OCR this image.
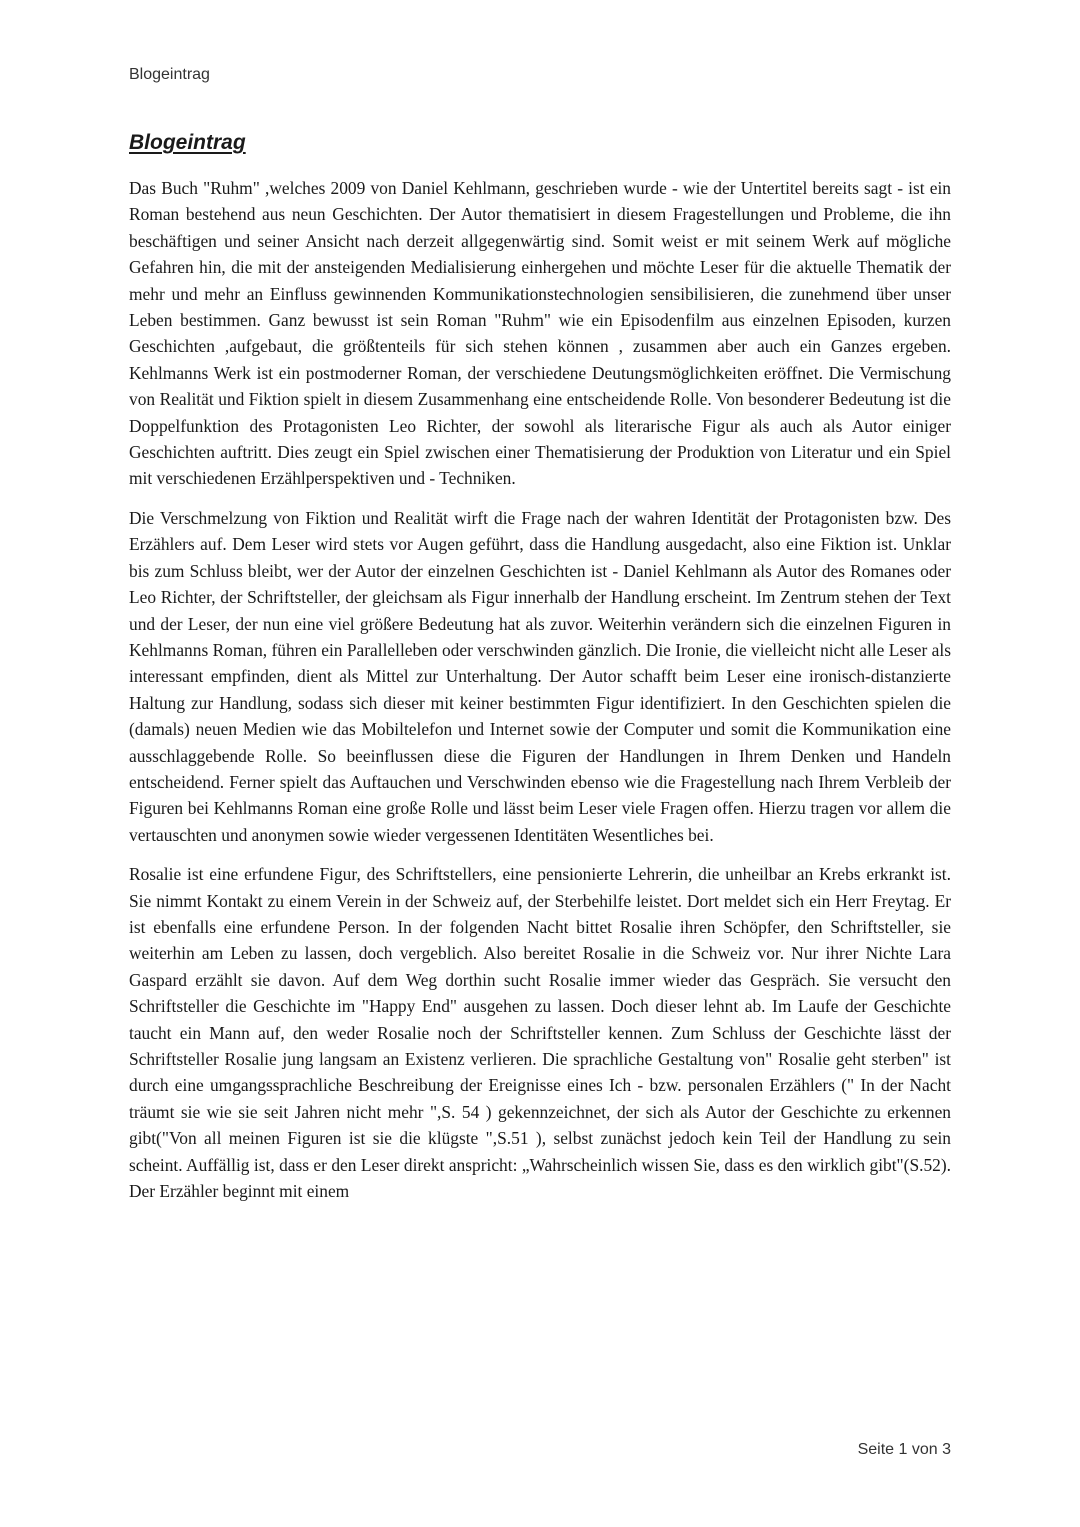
Blogeintrag
Blogeintrag

Das Buch "Ruhm" ,welches 2009 von Daniel Kehlmann, geschrieben wurde - wie der Untertitel bereits sagt - ist ein Roman bestehend aus neun Geschichten. Der Autor thematisiert in diesem Fragestellungen und Probleme, die ihn beschäftigen und seiner Ansicht nach derzeit allgegenwärtig sind. Somit weist er mit seinem Werk auf mögliche Gefahren hin, die mit der ansteigenden Medialisierung einhergehen und möchte Leser für die aktuelle Thematik der mehr und mehr an Einfluss gewinnenden Kommunikationstechnologien sensibilisieren, die zunehmend über unser Leben bestimmen. Ganz bewusst ist sein Roman "Ruhm" wie ein Episodenfilm aus einzelnen Episoden, kurzen Geschichten ,aufgebaut, die größtenteils für sich stehen können , zusammen aber auch ein Ganzes ergeben. Kehlmanns Werk ist ein postmoderner Roman, der verschiedene Deutungsmöglichkeiten eröffnet. Die Vermischung von Realität und Fiktion spielt in diesem Zusammenhang eine entscheidende Rolle. Von besonderer Bedeutung ist die Doppelfunktion des Protagonisten Leo Richter, der sowohl als literarische Figur als auch als Autor einiger Geschichten auftritt. Dies zeugt ein Spiel zwischen einer Thematisierung der Produktion von Literatur und ein Spiel mit verschiedenen Erzählperspektiven und - Techniken.

Die Verschmelzung von Fiktion und Realität wirft die Frage nach der wahren Identität der Protagonisten bzw. Des Erzählers auf. Dem Leser wird stets vor Augen geführt, dass die Handlung ausgedacht, also eine Fiktion ist. Unklar bis zum Schluss bleibt, wer der Autor der einzelnen Geschichten ist - Daniel Kehlmann als Autor des Romanes oder Leo Richter, der Schriftsteller, der gleichsam als Figur innerhalb der Handlung erscheint. Im Zentrum stehen der Text und der Leser, der nun eine viel größere Bedeutung hat als zuvor. Weiterhin verändern sich die einzelnen Figuren in Kehlmanns Roman, führen ein Parallelleben oder verschwinden gänzlich. Die Ironie, die vielleicht nicht alle Leser als interessant empfinden, dient als Mittel zur Unterhaltung. Der Autor schafft beim Leser eine ironisch-distanzierte Haltung zur Handlung, sodass sich dieser mit keiner bestimmten Figur identifiziert. In den Geschichten spielen die (damals) neuen Medien wie das Mobiltelefon und Internet sowie der Computer und somit die Kommunikation eine ausschlaggebende Rolle. So beeinflussen diese die Figuren der Handlungen in Ihrem Denken und Handeln entscheidend. Ferner spielt das Auftauchen und Verschwinden ebenso wie die Fragestellung nach Ihrem Verbleib der Figuren bei Kehlmanns Roman eine große Rolle und lässt beim Leser viele Fragen offen. Hierzu tragen vor allem die vertauschten und anonymen sowie wieder vergessenen Identitäten Wesentliches bei.

Rosalie ist eine erfundene Figur, des Schriftstellers, eine pensionierte Lehrerin, die unheilbar an Krebs erkrankt ist. Sie nimmt Kontakt zu einem Verein in der Schweiz auf, der Sterbehilfe leistet. Dort meldet sich ein Herr Freytag. Er ist ebenfalls eine erfundene Person. In der folgenden Nacht bittet Rosalie ihren Schöpfer, den Schriftsteller, sie weiterhin am Leben zu lassen, doch vergeblich. Also bereitet Rosalie in die Schweiz vor. Nur ihrer Nichte Lara Gaspard erzählt sie davon. Auf dem Weg dorthin sucht Rosalie immer wieder das Gespräch. Sie versucht den Schriftsteller die Geschichte im "Happy End" ausgehen zu lassen. Doch dieser lehnt ab. Im Laufe der Geschichte taucht ein Mann auf, den weder Rosalie noch der Schriftsteller kennen. Zum Schluss der Geschichte lässt der Schriftsteller Rosalie jung langsam an Existenz verlieren. Die sprachliche Gestaltung von" Rosalie geht sterben" ist durch eine umgangssprachliche Beschreibung der Ereignisse eines Ich - bzw. personalen Erzählers (" In der Nacht träumt sie wie sie seit Jahren nicht mehr ",S. 54 ) gekennzeichnet, der sich als Autor der Geschichte zu erkennen gibt("Von all meinen Figuren ist sie die klügste ",S.51 ), selbst zunächst jedoch kein Teil der Handlung zu sein scheint. Auffällig ist, dass er den Leser direkt anspricht: „Wahrscheinlich wissen Sie, dass es den wirklich gibt"(S.52). Der Erzähler beginnt mit einem

Seite 1 von 3
